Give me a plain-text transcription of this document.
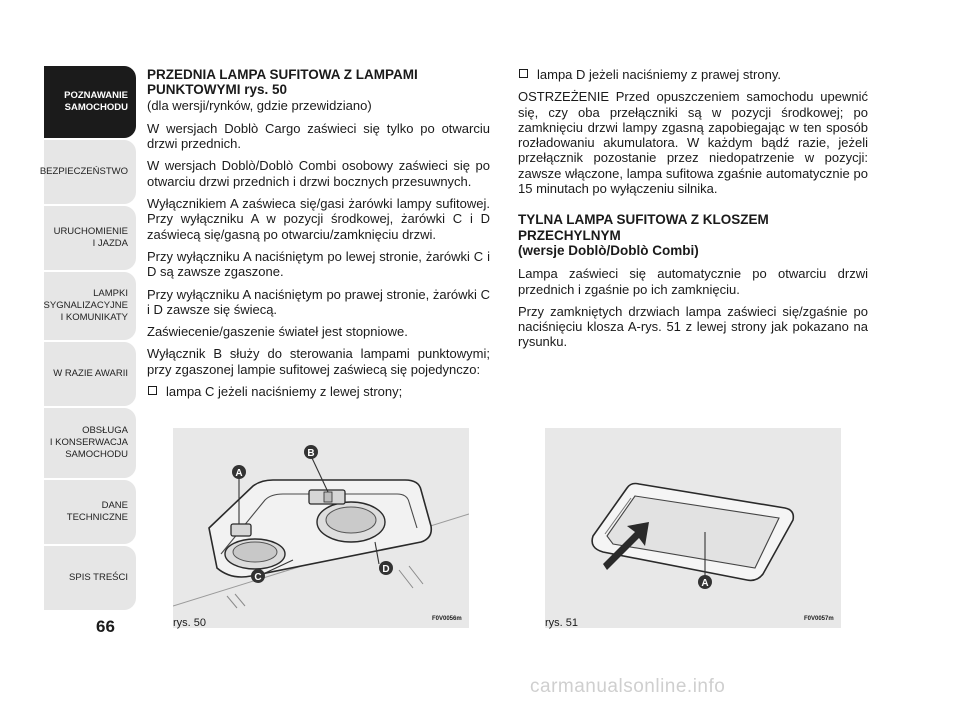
POZNAWANIE
SAMOCHODU
BEZPIECZEŃSTWO
URUCHOMIENIE
I JAZDA
LAMPKI
SYGNALIZACYJNE
I KOMUNIKATY
W RAZIE AWARII
OBSŁUGA
I KONSERWACJA
SAMOCHODU
DANE
TECHNICZNE
SPIS TREŚCI
66
PRZEDNIA LAMPA SUFITOWA Z LAMPAMI
PUNKTOWYMI rys. 50

(dla wersji/rynków, gdzie przewidziano)

W wersjach Doblò Cargo zaświeci się tylko po otwarciu drzwi przednich.

W wersjach Doblò/Doblò Combi osobowy zaświeci się po otwarciu drzwi przednich i drzwi bocznych przesuwnych.

Wyłącznikiem A zaświeca się/gasi żarówki lampy sufitowej. Przy wyłączniku A w pozycji środkowej, żarówki C i D zaświecą się/gasną po otwarciu/zamknięciu drzwi.

Przy wyłączniku A naciśniętym po lewej stronie, żarówki C i D są zawsze zgaszone.

Przy wyłączniku A naciśniętym po prawej stronie, żarówki C i D zawsze się świecą.

Zaświecenie/gaszenie świateł jest stopniowe.

Wyłącznik B służy do sterowania lampami punktowymi; przy zgaszonej lampie sufitowej zaświecą się pojedynczo:

lampa C jeżeli naciśniemy z lewej strony;
lampa D jeżeli naciśniemy z prawej strony.

OSTRZEŻENIE Przed opuszczeniem samochodu upewnić się, czy oba przełączniki są w pozycji środkowej; po zamknięciu drzwi lampy zgasną zapobiegając w ten sposób rozładowaniu akumulatora. W każdym bądź razie, jeżeli przełącznik pozostanie przez niedopatrzenie w pozycji: zawsze włączone, lampa sufitowa zgaśnie automatycznie po 15 minutach po wyłączeniu silnika.

TYLNA LAMPA SUFITOWA Z KLOSZEM
PRZECHYLNYM
(wersje Doblò/Doblò Combi)

Lampa zaświeci się automatycznie po otwarciu drzwi przednich i zgaśnie po ich zamknięciu.

Przy zamkniętych drzwiach lampa zaświeci się/zgaśnie po naciśnięciu klosza A-rys. 51 z lewej strony jak pokazano na rysunku.

A
B
C
D
rys. 50	F0V0056m
A
rys. 51	F0V0057m
carmanualsonline.info
